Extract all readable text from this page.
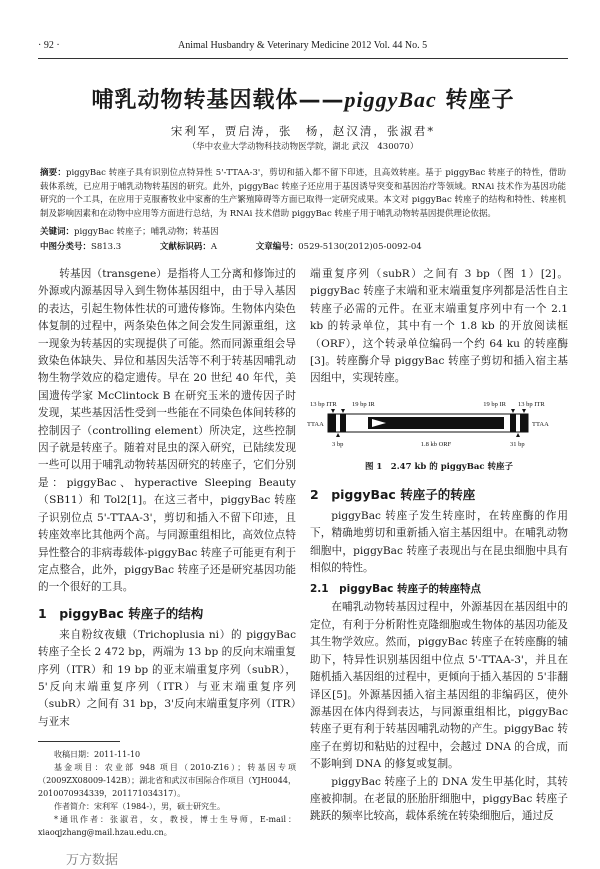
· 92 ·	Animal Husbandry & Veterinary Medicine 2012 Vol. 44 No. 5
哺乳动物转基因载体——piggyBac 转座子
宋利军，贾启涛，张　杨，赵汉清，张淑君*
（华中农业大学动物科技动物医学院，湖北 武汉　430070）
摘要：piggyBac 转座子具有识别位点特异性 5'-TTAA-3'，剪切和插入都不留下印迹，且高效转座。基于 piggyBac 转座子的特性，借助载体系统，已应用于哺乳动物转基因的研究。此外，piggyBac 转座子还应用于基因诱导突变和基因治疗等领域。RNAi 技术作为基因功能研究的一个工具，在应用于克服畜牧业中家畜的生产繁殖障碍等方面已取得一定研究成果。本文对 piggyBac 转座子的结构和特性、转座机制及影响因素和在动物中应用等方面进行总结，为 RNAi 技术借助 piggyBac 转座子用于哺乳动物转基因提供理论依据。
关键词：piggyBac 转座子；哺乳动物；转基因
中图分类号：S813.3	文献标识码：A	文章编号：0529-5130(2012)05-0092-04

转基因（transgene）是指将人工分离和修饰过的外源或内源基因导入到生物体基因组中，由于导入基因的表达，引起生物体性状的可遗传修饰。生物体内染色体复制的过程中，两条染色体之间会发生同源重组，这一现象为转基因的实现提供了可能。然而同源重组会导致染色体缺失、异位和基因失活等不利于转基因哺乳动物生物学效应的稳定遗传。早在 20 世纪 40 年代，美国遗传学家 McClintock B 在研究玉米的遗传因子时发现，某些基因活性受到一些能在不同染色体间转移的控制因子（controlling element）所决定，这些控制因子就是转座子。随着对昆虫的深入研究，已陆续发现一些可以用于哺乳动物转基因研究的转座子，它们分别是：piggyBac、hyperactive Sleeping Beauty（SB11）和 Tol2[1]。在这三者中，piggyBac 转座子识别位点 5'-TTAA-3'，剪切和插入不留下印迹，且转座效率比其他两个高。与同源重组相比，高效位点特异性整合的非病毒载体-piggyBac 转座子可能更有利于定点整合，此外，piggyBac 转座子还是研究基因功能的一个很好的工具。

1　piggyBac 转座子的结构

来自粉纹夜蛾（Trichoplusia ni）的 piggyBac 转座子全长 2 472 bp，两端为 13 bp 的反向末端重复序列（ITR）和 19 bp 的亚末端重复序列（subR），5'反向末端重复序列（ITR）与亚末端重复序列（subR）之间有 31 bp，3'反向末端重复序列（ITR）与亚末

收稿日期：2011-11-10

基金项目：农业部 948 项目（2010-Z16）；转基因专项（2009ZX08009-142B）；湖北省和武汉市国际合作项目（YJH0044，2010070934339，201171034317）。

作者简介：宋利军（1984-），男，硕士研究生。

*通讯作者：张淑君，女，教授，博士生导师，E-mail：xiaoqjzhang@mail.hzau.edu.cn。

万方数据

端重复序列（subR）之间有 3 bp（图 1）[2]。piggyBac 转座子末端和亚末端重复序列都是活性自主转座子必需的元件。在亚末端重复序列中有一个 2.1 kb 的转录单位，其中有一个 1.8 kb 的开放阅读框（ORF），这个转录单位编码一个约 64 ku 的转座酶[3]。转座酶介导 piggyBac 转座子剪切和插入宿主基因组中，实现转座。

13 bp ITR 19 bp IR	19 bp IR 13 bp ITR
TTAA	TTAA
3 bp	1.8 kb ORF	31 bp
图 1　2.47 kb 的 piggyBac 转座子
2　piggyBac 转座子的转座

piggyBac 转座子发生转座时，在转座酶的作用下，精确地剪切和重新插入宿主基因组中。在哺乳动物细胞中，piggyBac 转座子表现出与在昆虫细胞中具有相似的特性。

2.1　piggyBac 转座子的转座特点

在哺乳动物转基因过程中，外源基因在基因组中的定位，有利于分析附性克隆细胞或生物体的基因功能及其生物学效应。然而，piggyBac 转座子在转座酶的辅助下，特异性识别基因组中位点 5'-TTAA-3'，并且在随机插入基因组的过程中，更倾向于插入基因的 5'非翻译区[5]。外源基因插入宿主基因组的非编码区，使外源基因在体内得到表达，与同源重组相比，piggyBac 转座子更有利于转基因哺乳动物的产生。piggyBac 转座子在剪切和粘贴的过程中，会越过 DNA 的合成，而不影响到 DNA 的修复或复制。

piggyBac 转座子上的 DNA 发生甲基化时，其转座被抑制。在老鼠的胚胎肝细胞中，piggyBac 转座子跳跃的频率比较高，载体系统在转染细胞后，通过反
